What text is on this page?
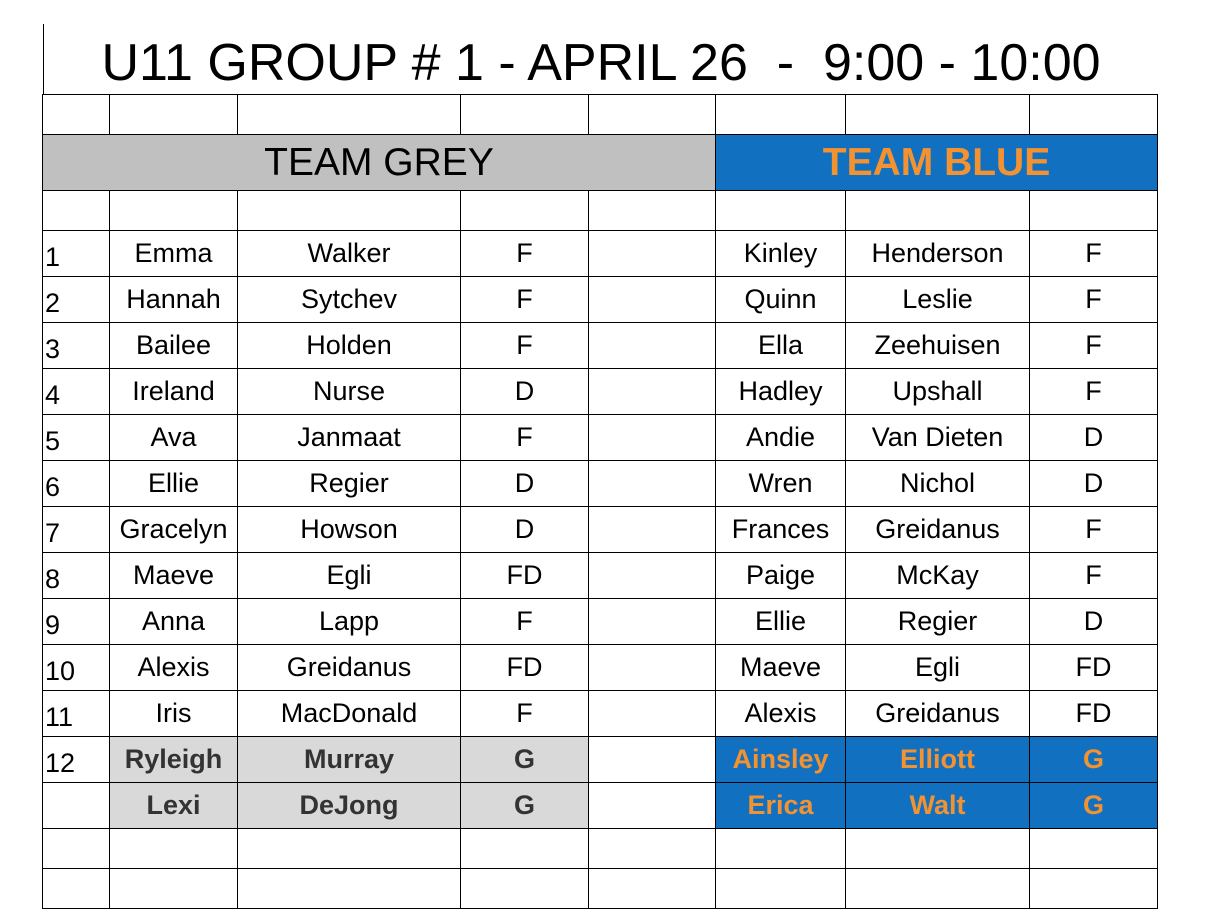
U11 GROUP # 1 - APRIL 26  -  9:00 - 10:00

TEAM GREY					TEAM BLUE		

1	Emma	Walker	F		Kinley	Henderson	F
2	Hannah	Sytchev	F		Quinn	Leslie	F
3	Bailee	Holden	F		Ella	Zeehuisen	F
4	Ireland	Nurse	D		Hadley	Upshall	F
5	Ava	Janmaat	F		Andie	Van Dieten	D
6	Ellie	Regier	D		Wren	Nichol	D
7	Gracelyn	Howson	D		Frances	Greidanus	F
8	Maeve	Egli	FD		Paige	McKay	F
9	Anna	Lapp	F		Ellie	Regier	D
10	Alexis	Greidanus	FD		Maeve	Egli	FD
11	Iris	MacDonald	F		Alexis	Greidanus	FD
12	Ryleigh	Murray	G		Ainsley	Elliott	G
	Lexi	DeJong	G		Erica	Walt	G
